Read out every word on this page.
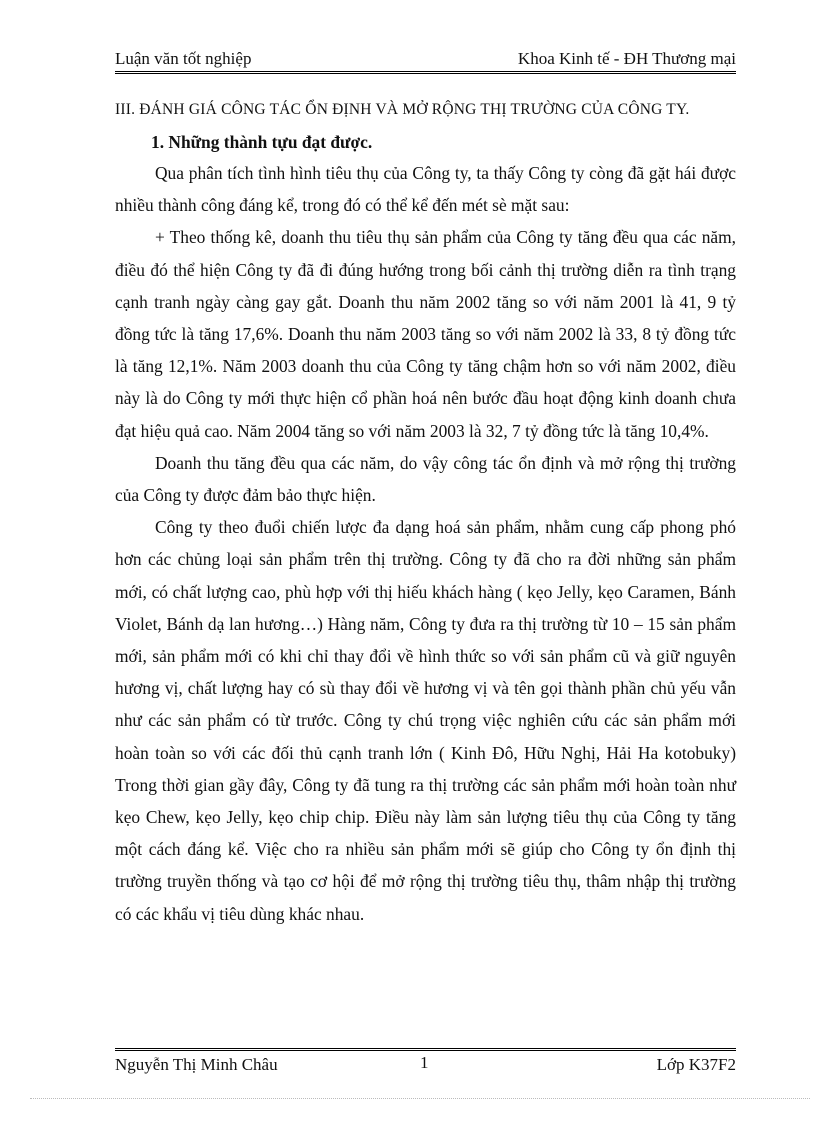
Luận văn tốt nghiệp	Khoa Kinh tế - ĐH Thương mại

III. ĐÁNH GIÁ CÔNG TÁC ỔN ĐỊNH VÀ MỞ RỘNG THỊ TRƯỜNG CỦA CÔNG TY.

1. Những thành tựu đạt được.

Qua phân tích tình hình tiêu thụ của Công ty, ta thấy Công ty còng đã gặt hái được nhiều thành công đáng kể, trong đó có thể kể đến mét sè mặt sau:

+ Theo thống kê, doanh thu tiêu thụ sản phẩm của Công ty tăng đều qua các năm, điều đó thể hiện Công ty đã đi đúng hướng trong bối cảnh thị trường diễn ra tình trạng cạnh tranh ngày càng gay gắt. Doanh thu năm 2002 tăng so với năm 2001 là 41, 9 tỷ đồng tức là tăng 17,6%. Doanh thu năm 2003 tăng so với năm 2002 là 33, 8 tỷ đồng tức là tăng 12,1%. Năm 2003 doanh thu của Công ty tăng chậm hơn so với năm 2002, điều này là do Công ty mới thực hiện cổ phần hoá nên bước đầu hoạt động kinh doanh chưa đạt hiệu quả cao. Năm 2004 tăng so với năm 2003 là 32, 7 tỷ đồng tức là tăng 10,4%.

Doanh thu tăng đều qua các năm, do vậy công tác ổn định và mở rộng thị trường của Công ty được đảm bảo thực hiện.

Công ty theo đuổi chiến lược đa dạng hoá sản phẩm, nhằm cung cấp phong phó hơn các chủng loại sản phẩm trên thị trường. Công ty đã cho ra đời những sản phẩm mới, có chất lượng cao, phù hợp với thị hiếu khách hàng ( kẹo Jelly, kẹo Caramen, Bánh Violet, Bánh dạ lan hương…) Hàng năm, Công ty đưa ra thị trường từ 10 – 15 sản phẩm mới, sản phẩm mới có khi chỉ thay đổi về hình thức so với sản phẩm cũ và giữ nguyên hương vị, chất lượng hay có sù thay đổi về hương vị và tên gọi thành phần chủ yếu vẫn như các sản phẩm có từ trước. Công ty chú trọng việc nghiên cứu các sản phẩm mới hoàn toàn so với các đối thủ cạnh tranh lớn ( Kinh Đô, Hữu Nghị, Hải Ha kotobuky) Trong thời gian gầy đây, Công ty đã tung ra thị trường các sản phẩm mới hoàn toàn như kẹo Chew, kẹo Jelly, kẹo chip chip. Điều này làm sản lượng tiêu thụ của Công ty tăng một cách đáng kể. Việc cho ra nhiều sản phẩm mới sẽ giúp cho Công ty ổn định thị trường truyền thống và tạo cơ hội để mở rộng thị trường tiêu thụ, thâm nhập thị trường có các khẩu vị tiêu dùng khác nhau.

Nguyễn Thị Minh Châu	1	Lớp K37F2
